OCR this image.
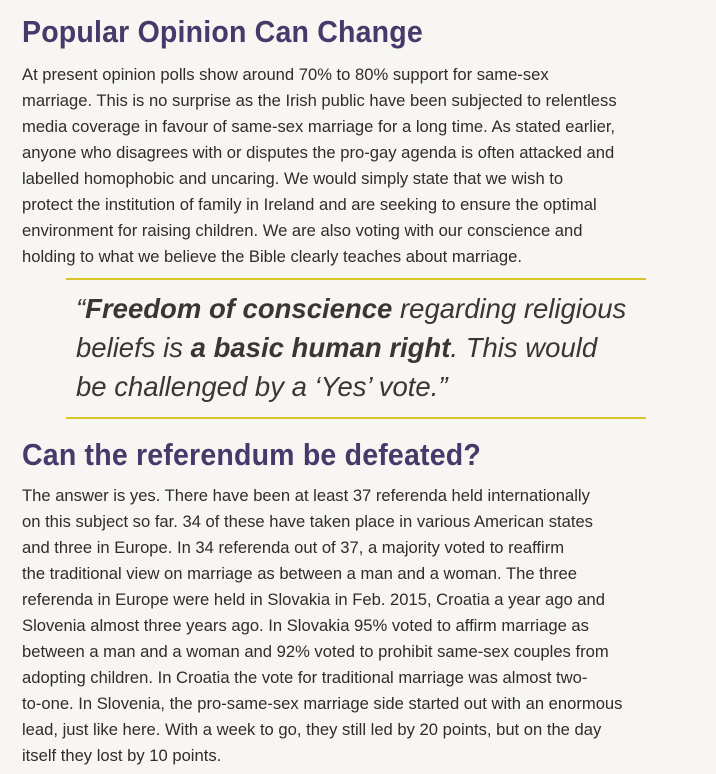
Popular Opinion Can Change

At present opinion polls show around 70% to 80% support for same-sex
marriage. This is no surprise as the Irish public have been subjected to relentless
media coverage in favour of same-sex marriage for a long time. As stated earlier,
anyone who disagrees with or disputes the pro-gay agenda is often attacked and
labelled homophobic and uncaring. We would simply state that we wish to
protect the institution of family in Ireland and are seeking to ensure the optimal
environment for raising children. We are also voting with our conscience and
holding to what we believe the Bible clearly teaches about marriage.

“Freedom of conscience regarding religious
beliefs is a basic human right. This would
be challenged by a ‘Yes’ vote.”
Can the referendum be defeated?

The answer is yes. There have been at least 37 referenda held internationally
on this subject so far. 34 of these have taken place in various American states
and three in Europe. In 34 referenda out of 37, a majority voted to reaffirm
the traditional view on marriage as between a man and a woman. The three
referenda in Europe were held in Slovakia in Feb. 2015, Croatia a year ago and
Slovenia almost three years ago. In Slovakia 95% voted to affirm marriage as
between a man and a woman and 92% voted to prohibit same-sex couples from
adopting children. In Croatia the vote for traditional marriage was almost two-
to-one. In Slovenia, the pro-same-sex marriage side started out with an enormous
lead, just like here. With a week to go, they still led by 20 points, but on the day
itself they lost by 10 points.
